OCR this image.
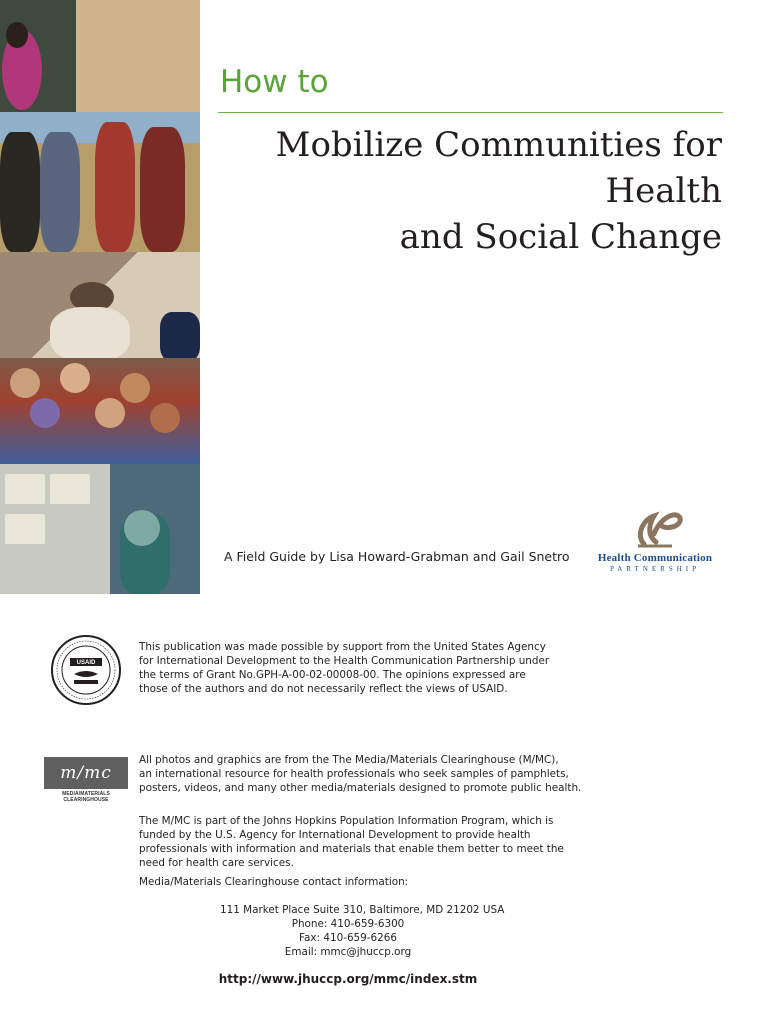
How to
Mobilize Communities for Health
and Social Change
A Field Guide by Lisa Howard-Grabman and Gail Snetro	Health Communication
PARTNERSHIP
USAID
This publication was made possible by support from the United States Agency
for International Development to the Health Communication Partnership under
the terms of Grant No.GPH-A-00-02-00008-00. The opinions expressed are
those of the authors and do not necessarily reflect the views of USAID.
m/mc
MEDIA/MATERIALS CLEARINGHOUSE
All photos and graphics are from the The Media/Materials Clearinghouse (M/MC),
an international resource for health professionals who seek samples of pamphlets,
posters, videos, and many other media/materials designed to promote public health.
The M/MC is part of the Johns Hopkins Population Information Program, which is
funded by the U.S. Agency for International Development to provide health
professionals with information and materials that enable them better to meet the
need for health care services.
Media/Materials Clearinghouse contact information:
111 Market Place Suite 310, Baltimore, MD 21202 USA
Phone: 410-659-6300
Fax: 410-659-6266
Email: mmc@jhuccp.org
http://www.jhuccp.org/mmc/index.stm
